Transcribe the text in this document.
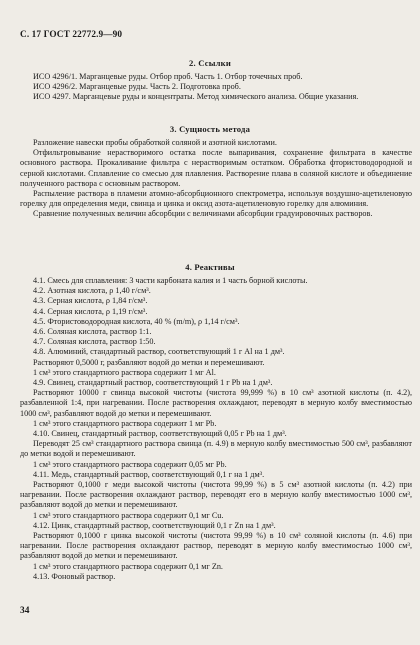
С. 17 ГОСТ 22772.9—90
2. Ссылки

ИСО 4296/1. Марганцевые руды. Отбор проб. Часть 1. Отбор точечных проб.

ИСО 4296/2. Марганцевые руды. Часть 2. Подготовка проб.

ИСО 4297. Марганцевые руды и концентраты. Метод химического анализа. Общие указания.

3. Сущность метода

Разложение навески пробы обработкой соляной и азотной кислотами.

Отфильтровывание нерастворимого остатка после выпаривания, сохранение фильтрата в качестве основного раствора. Прокаливание фильтра с нерастворимым остатком. Обработка фтористоводородной и серной кислотами. Сплавление со смесью для плавления. Растворение плава в соляной кислоте и объединение полученного раствора с основным раствором.

Распыление раствора в пламени атомно-абсорбционного спектрометра, используя воздушно-ацетиленовую горелку для определения меди, свинца и цинка и оксид азота-ацетиленовую горелку для алюминия.

Сравнение полученных величин абсорбции с величинами абсорбции градуировочных растворов.

4. Реактивы

4.1. Смесь для сплавления: 3 части карбоната калия и 1 часть борной кислоты.

4.2. Азотная кислота, ρ 1,40 г/см³.

4.3. Серная кислота, ρ 1,84 г/см³.

4.4. Серная кислота, ρ 1,19 г/см³.

4.5. Фтористоводородная кислота, 40 % (m/m), ρ 1,14 г/см³.

4.6. Соляная кислота, раствор 1:1.

4.7. Соляная кислота, раствор 1:50.

4.8. Алюминий, стандартный раствор, соответствующий 1 г Al на 1 дм³.

Растворяют 0,5000 г, разбавляют водой до метки и перемешивают.

1 см³ этого стандартного раствора содержит 1 мг Al.

4.9. Свинец, стандартный раствор, соответствующий 1 г Pb на 1 дм³.

Растворяют 10000 г свинца высокой чистоты (чистота 99,999 %) в 10 см³ азотной кислоты (п. 4.2), разбавленной 1:4, при нагревании. После растворения охлаждают, переводят в мерную колбу вместимостью 1000 см³, разбавляют водой до метки и перемешивают.

1 см³ этого стандартного раствора содержит 1 мг Pb.

4.10. Свинец, стандартный раствор, соответствующий 0,05 г Pb на 1 дм³.

Переводят 25 см³ стандартного раствора свинца (п. 4.9) в мерную колбу вместимостью 500 см³, разбавляют до метки водой и перемешивают.

1 см³ этого стандартного раствора содержит 0,05 мг Pb.

4.11. Медь, стандартный раствор, соответствующий 0,1 г на 1 дм³.

Растворяют 0,1000 г меди высокой чистоты (чистота 99,99 %) в 5 см³ азотной кислоты (п. 4.2) при нагревании. После растворения охлаждают раствор, переводят его в мерную колбу вместимостью 1000 см³, разбавляют водой до метки и перемешивают.

1 см³ этого стандартного раствора содержит 0,1 мг Cu.

4.12. Цинк, стандартный раствор, соответствующий 0,1 г Zn на 1 дм³.

Растворяют 0,1000 г цинка высокой чистоты (чистота 99,99 %) в 10 см³ соляной кислоты (п. 4.6) при нагревании. После растворения охлаждают раствор, переводят в мерную колбу вместимостью 1000 см³, разбавляют водой до метки и перемешивают.

1 см³ этого стандартного раствора содержит 0,1 мг Zn.

4.13. Фоновый раствор.

34
